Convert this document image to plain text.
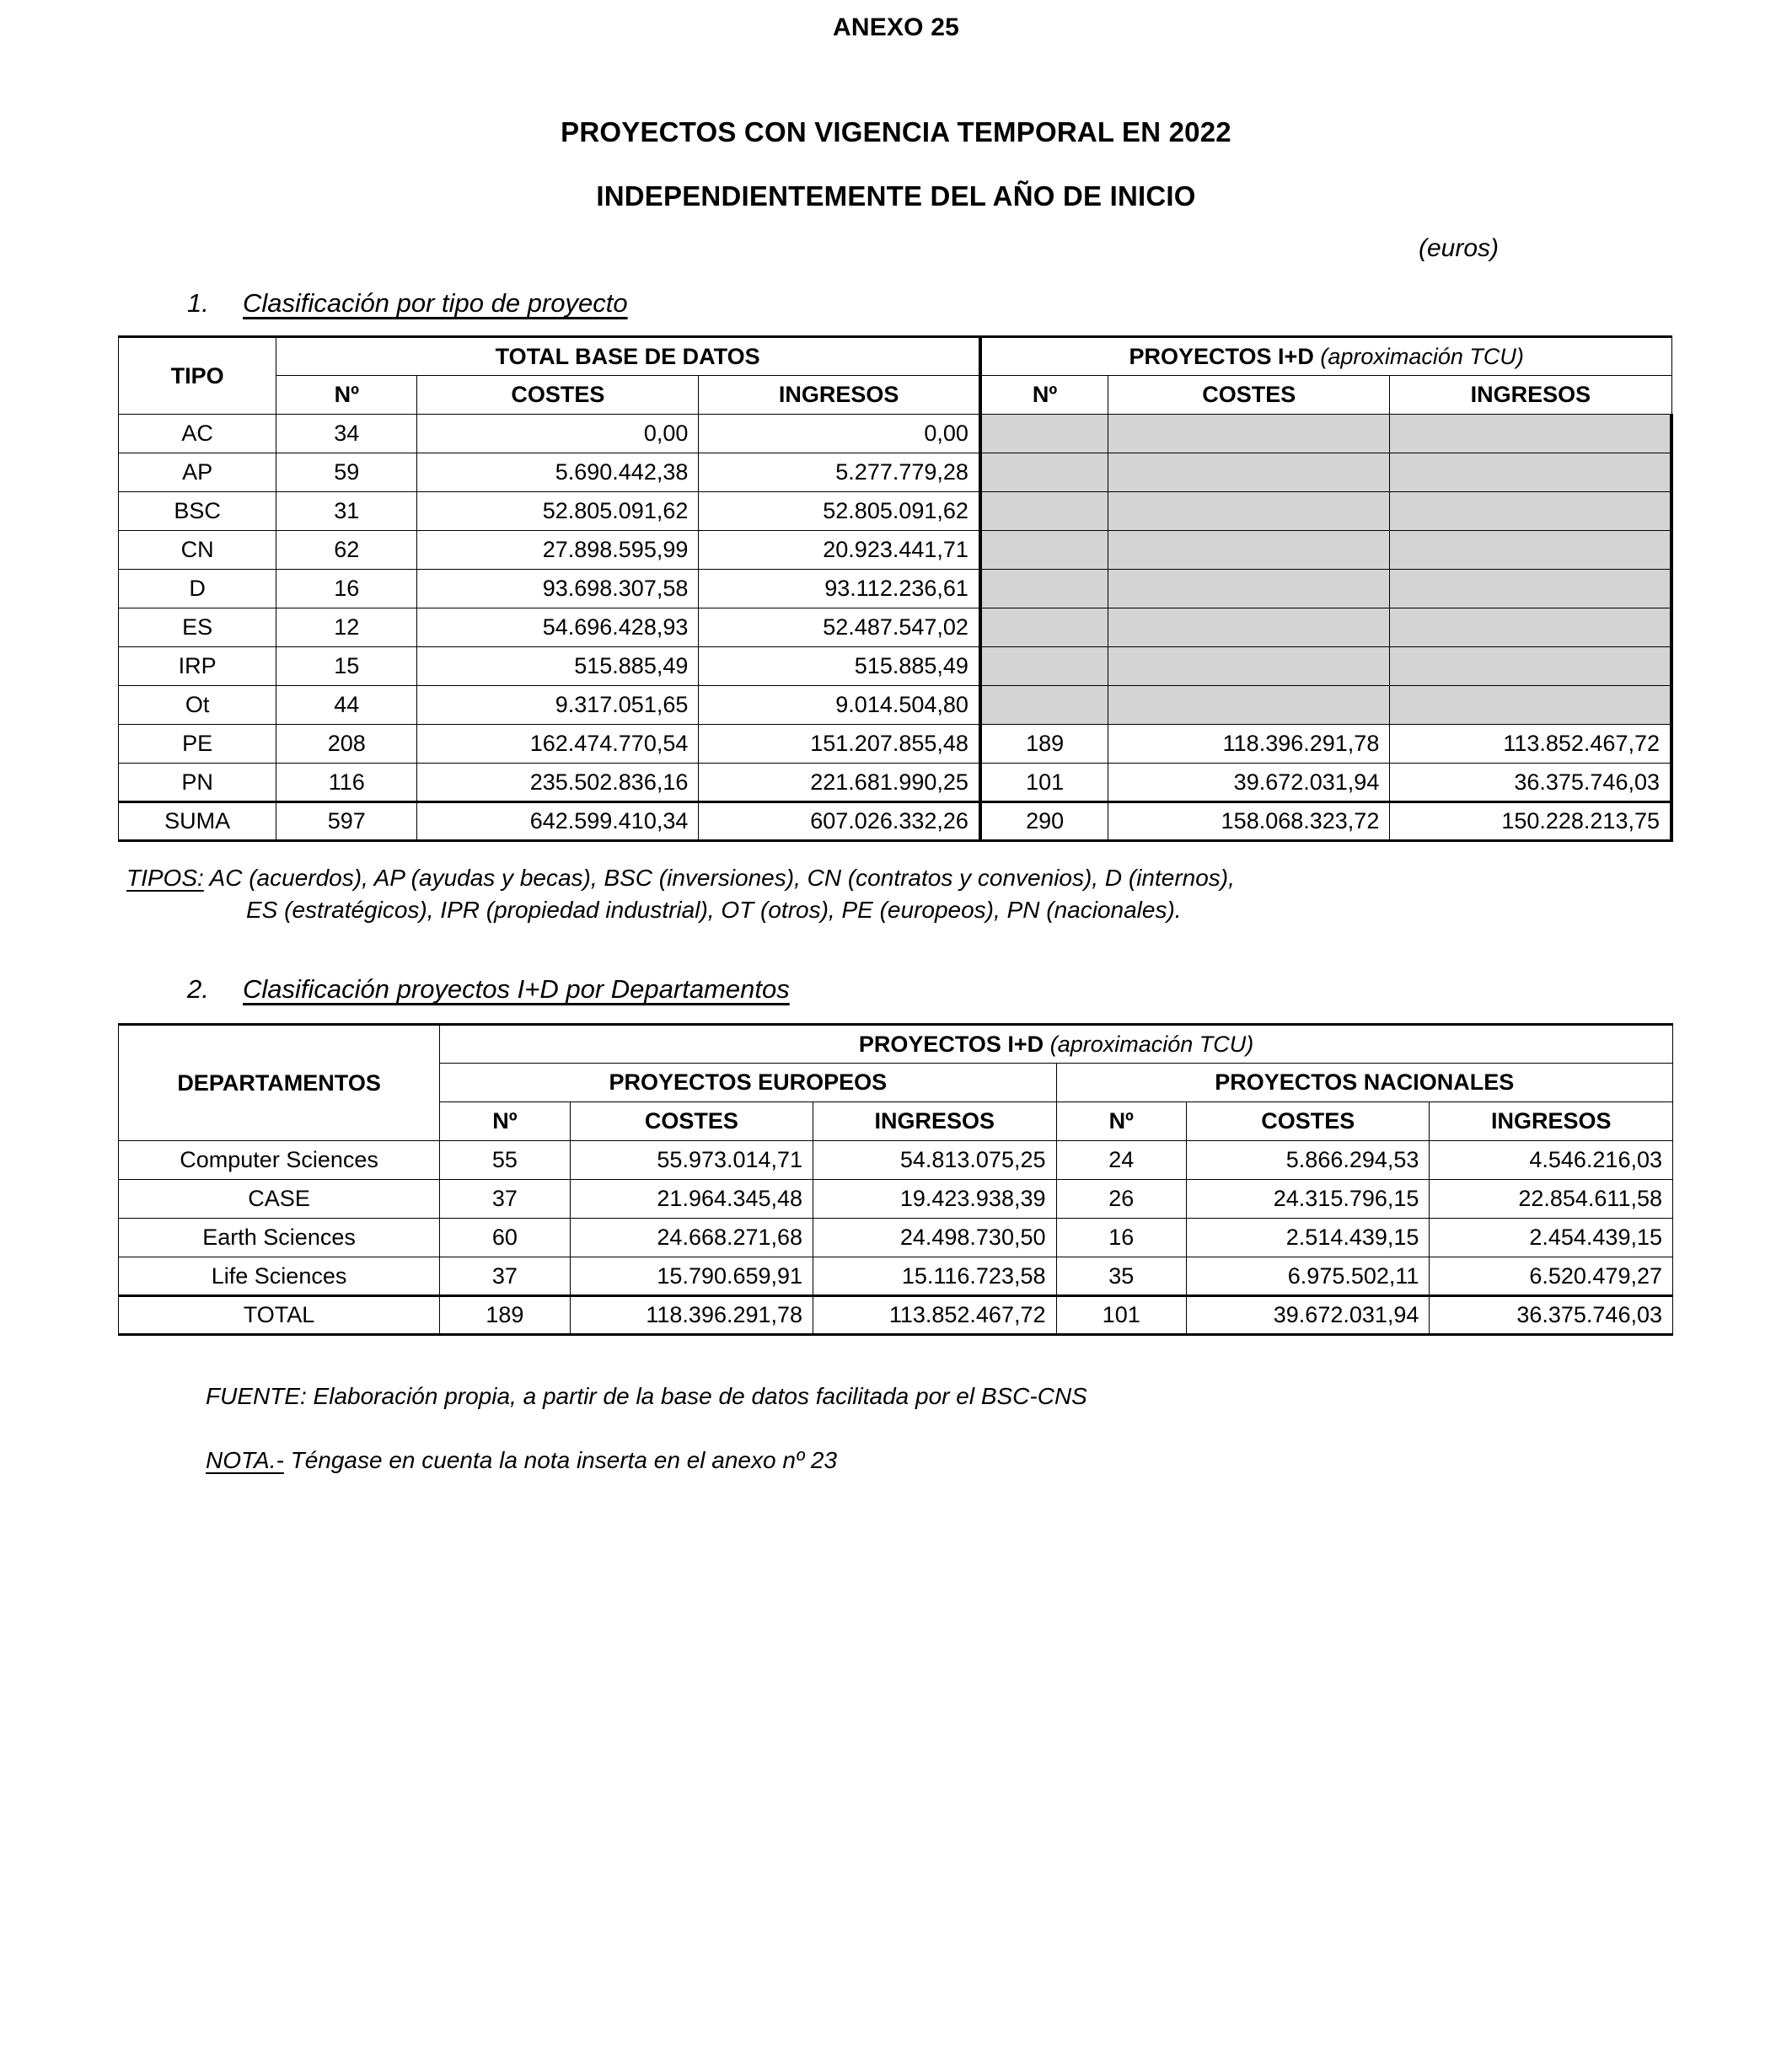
ANEXO 25
PROYECTOS CON VIGENCIA TEMPORAL EN 2022
INDEPENDIENTEMENTE DEL AÑO DE INICIO
(euros)
1. Clasificación por tipo de proyecto
TIPO	TOTAL BASE DE DATOS			PROYECTOS I+D (aproximación TCU)		
	Nº	COSTES	INGRESOS	Nº	COSTES	INGRESOS
AC	34	0,00	0,00			
AP	59	5.690.442,38	5.277.779,28			
BSC	31	52.805.091,62	52.805.091,62			
CN	62	27.898.595,99	20.923.441,71			
D	16	93.698.307,58	93.112.236,61			
ES	12	54.696.428,93	52.487.547,02			
IRP	15	515.885,49	515.885,49			
Ot	44	9.317.051,65	9.014.504,80			
PE	208	162.474.770,54	151.207.855,48	189	118.396.291,78	113.852.467,72
PN	116	235.502.836,16	221.681.990,25	101	39.672.031,94	36.375.746,03
SUMA	597	642.599.410,34	607.026.332,26	290	158.068.323,72	150.228.213,75
TIPOS: AC (acuerdos), AP (ayudas y becas), BSC (inversiones), CN (contratos y convenios), D (internos),
ES (estratégicos), IPR (propiedad industrial), OT (otros), PE (europeos), PN (nacionales).
2. Clasificación proyectos I+D por Departamentos
DEPARTAMENTOS	PROYECTOS I+D (aproximación TCU)					
	PROYECTOS EUROPEOS			PROYECTOS NACIONALES		
	Nº	COSTES	INGRESOS	Nº	COSTES	INGRESOS
Computer Sciences	55	55.973.014,71	54.813.075,25	24	5.866.294,53	4.546.216,03
CASE	37	21.964.345,48	19.423.938,39	26	24.315.796,15	22.854.611,58
Earth Sciences	60	24.668.271,68	24.498.730,50	16	2.514.439,15	2.454.439,15
Life Sciences	37	15.790.659,91	15.116.723,58	35	6.975.502,11	6.520.479,27
TOTAL	189	118.396.291,78	113.852.467,72	101	39.672.031,94	36.375.746,03

FUENTE: Elaboración propia, a partir de la base de datos facilitada por el BSC-CNS

NOTA.- Téngase en cuenta la nota inserta en el anexo nº 23
